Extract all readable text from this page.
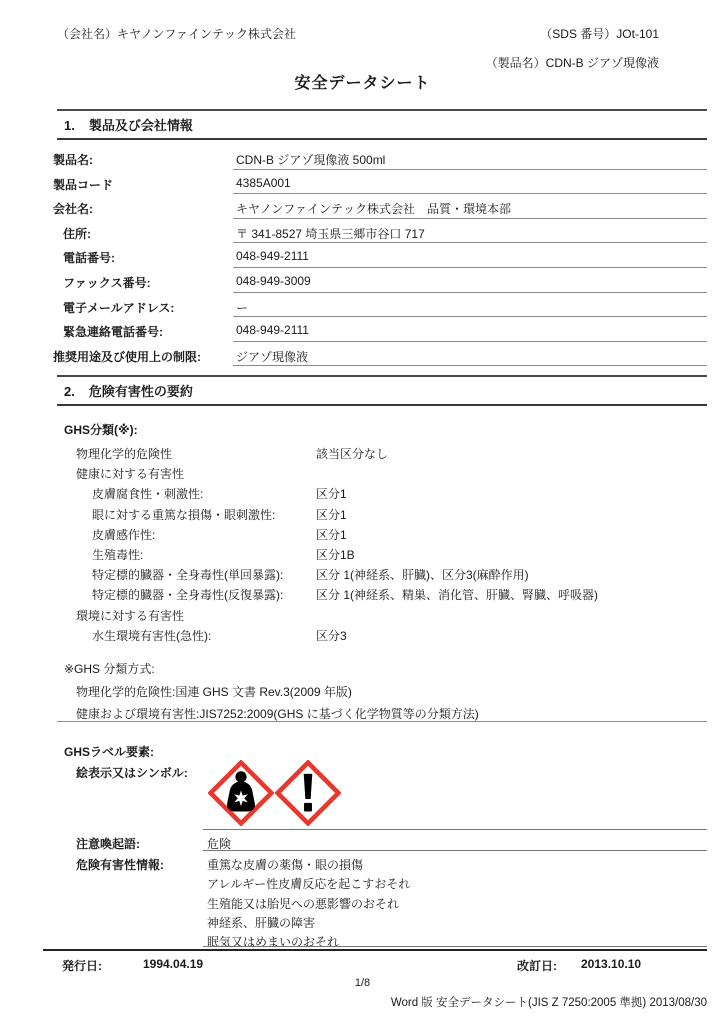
（会社名）キヤノンファインテック株式会社	（SDS 番号）JOt-101
（製品名）CDN-B ジアゾ現像液
安全データシート
1. 製品及び会社情報
製品名:	CDN-B ジアゾ現像液 500ml
製品コード	4385A001
会社名:	キヤノンファインテック株式会社　品質・環境本部
住所:	〒 341-8527 埼玉県三郷市谷口 717
電話番号:	048-949-2111
ファックス番号:	048-949-3009
電子メールアドレス:	ー
緊急連絡電話番号:	048-949-2111
推奨用途及び使用上の制限:	ジアゾ現像液
2. 危険有害性の要約
GHS分類(※):
物理化学的危険性	該当区分なし
健康に対する有害性
皮膚腐食性・刺激性:	区分1
眼に対する重篤な損傷・眼刺激性:	区分1
皮膚感作性:	区分1
生殖毒性:	区分1B
特定標的臓器・全身毒性(単回暴露):	区分 1(神経系、肝臓)、区分3(麻酔作用)
特定標的臓器・全身毒性(反復暴露):	区分 1(神経系、精巣、消化管、肝臓、腎臓、呼吸器)
環境に対する有害性
水生環境有害性(急性):	区分3
※GHS 分類方式:
物理化学的危険性:国連 GHS 文書 Rev.3(2009 年版)
健康および環境有害性:JIS7252:2009(GHS に基づく化学物質等の分類方法)
GHSラベル要素:
絵表示又はシンボル:
注意喚起語:	危険
危険有害性情報:	重篤な皮膚の薬傷・眼の損傷
アレルギー性皮膚反応を起こすおそれ
生殖能又は胎児への悪影響のおそれ
神経系、肝臓の障害
眠気又はめまいのおそれ
発行日:	1994.04.19	改訂日: 2013.10.10
1/8
Word 版 安全データシート(JIS Z 7250:2005 準拠) 2013/08/30
